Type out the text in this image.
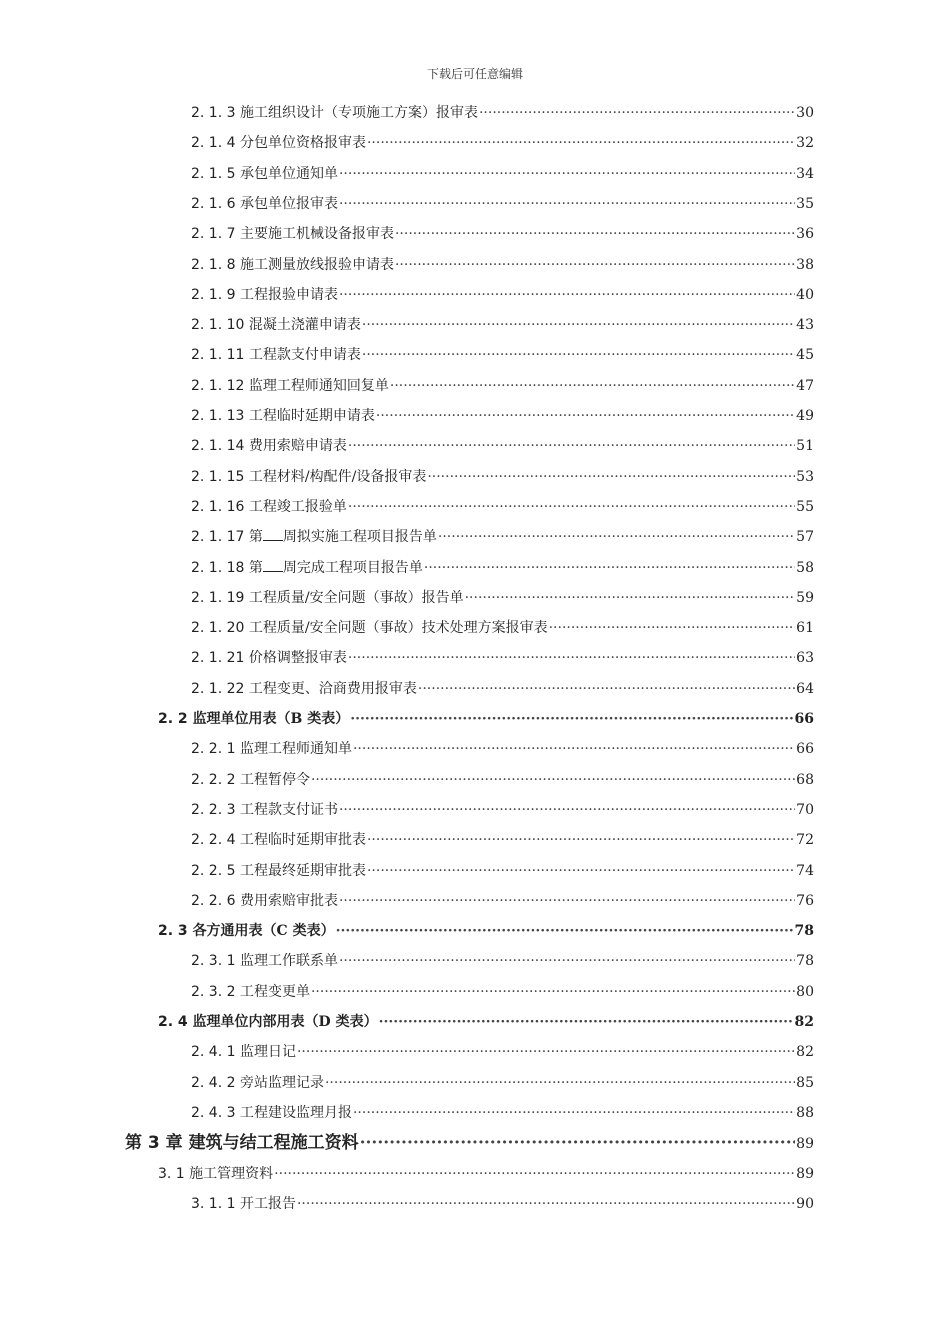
下载后可任意编辑
2. 1. 3 施工组织设计（专项施工方案）报审表 ·····	30
2. 1. 4 分包单位资格报审表 ·····	32
2. 1. 5 承包单位通知单 ·····	34
2. 1. 6 承包单位报审表 ·····	35
2. 1. 7 主要施工机械设备报审表 ·····	36
2. 1. 8 施工测量放线报验申请表 ·····	38
2. 1. 9 工程报验申请表 ·····	40
2. 1. 10 混凝土浇灌申请表 ·····	43
2. 1. 11 工程款支付申请表 ·····	45
2. 1. 12 监理工程师通知回复单 ·····	47
2. 1. 13 工程临时延期申请表 ·····	49
2. 1. 14 费用索赔申请表 ·····	51
2. 1. 15 工程材料/构配件/设备报审表 ·····	53
2. 1. 16 工程竣工报验单 ·····	55
2. 1. 17 第 周拟实施工程项目报告单 ·····	57
2. 1. 18 第 周完成工程项目报告单 ·····	58
2. 1. 19 工程质量/安全问题（事故）报告单 ·····	59
2. 1. 20 工程质量/安全问题（事故）技术处理方案报审表 ·····	61
2. 1. 21 价格调整报审表 ·····	63
2. 1. 22 工程变更、洽商费用报审表 ·····	64
2. 2 监理单位用表（B 类表） ·····	66
2. 2. 1 监理工程师通知单 ·····	66
2. 2. 2 工程暂停令 ·····	68
2. 2. 3 工程款支付证书 ·····	70
2. 2. 4 工程临时延期审批表 ·····	72
2. 2. 5 工程最终延期审批表 ·····	74
2. 2. 6 费用索赔审批表 ·····	76
2. 3 各方通用表（C 类表） ·····	78
2. 3. 1 监理工作联系单 ·····	78
2. 3. 2 工程变更单 ·····	80
2. 4 监理单位内部用表（D 类表） ·····	82
2. 4. 1 监理日记 ·····	82
2. 4. 2 旁站监理记录 ·····	85
2. 4. 3 工程建设监理月报 ·····	88
第 3 章 建筑与结工程施工资料 ·····	89
3. 1 施工管理资料 ·····	89
3. 1. 1 开工报告 ·····	90
